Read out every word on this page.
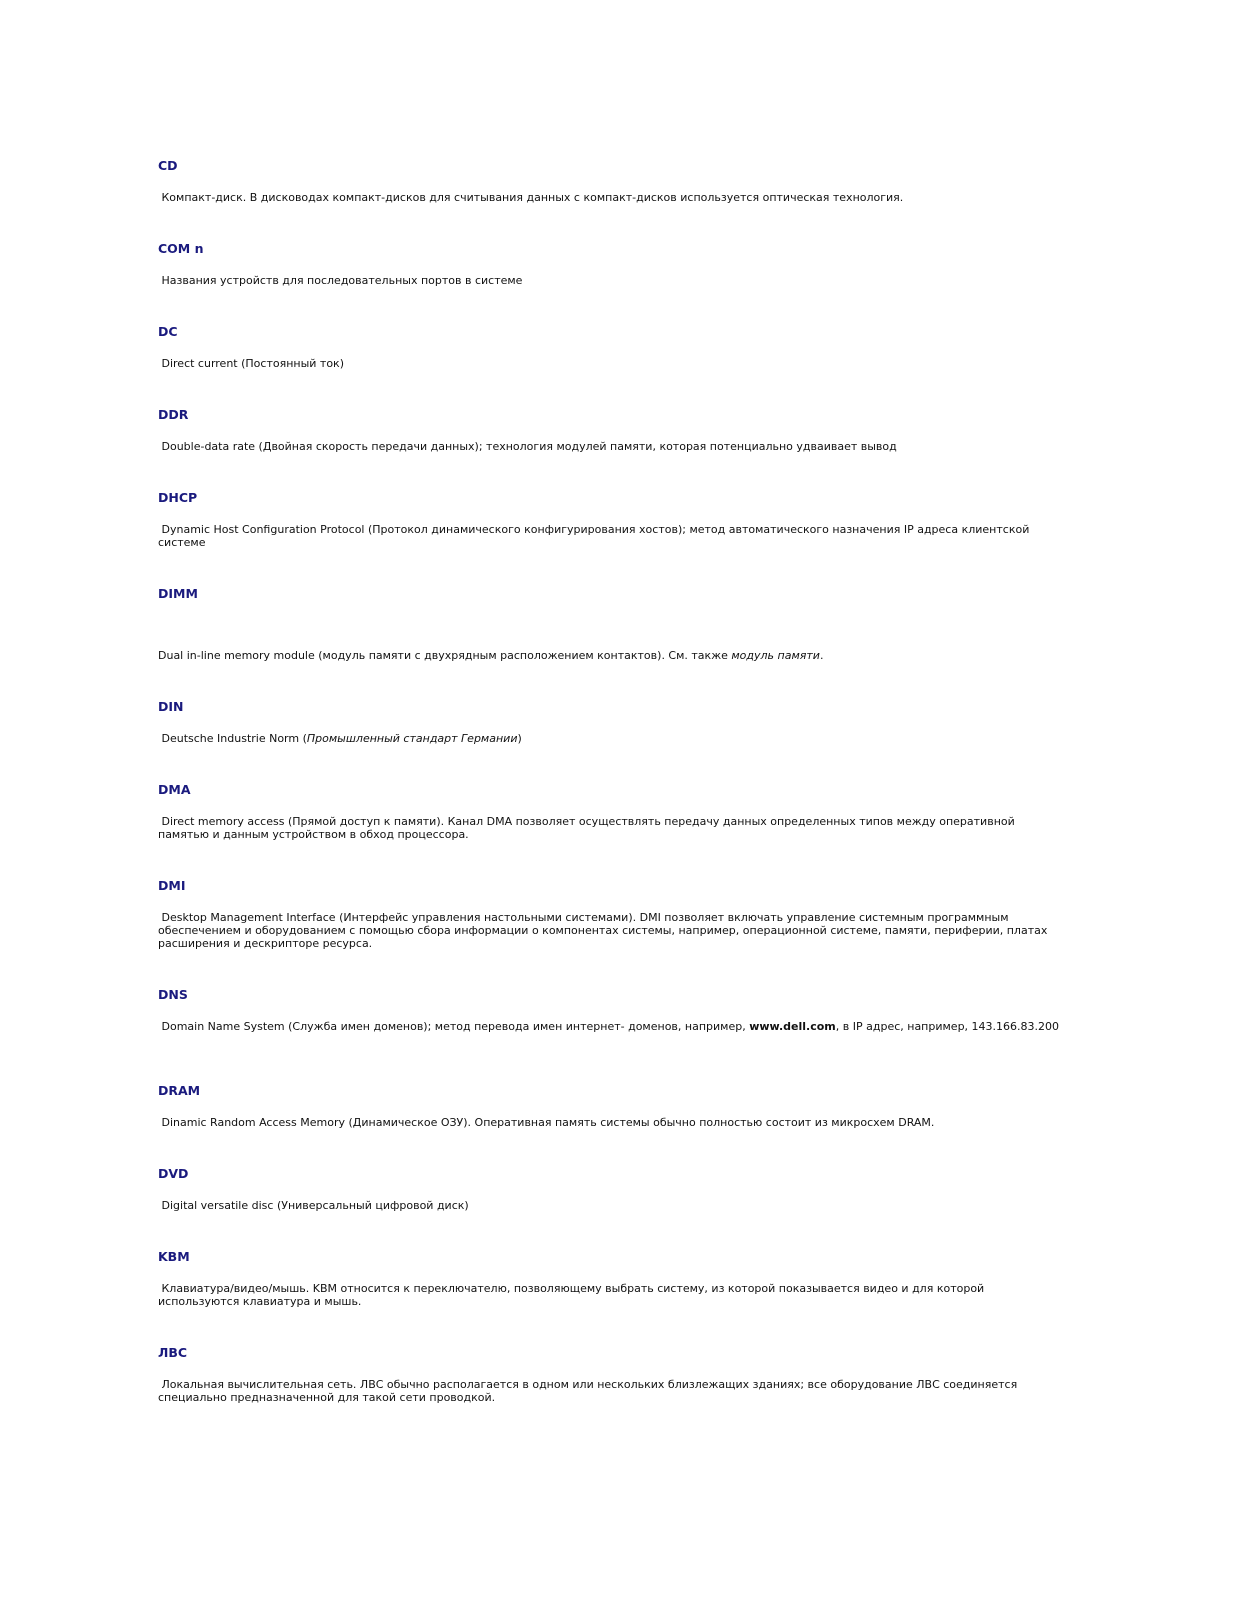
CD

Компакт-диск. В дисководах компакт-дисков для считывания данных с компакт-дисков используется оптическая технология.

COM n

Названия устройств для последовательных портов в системе

DC

Direct current (Постоянный ток)

DDR

Double-data rate (Двойная скорость передачи данных); технология модулей памяти, которая потенциально удваивает вывод

DHCP

Dynamic Host Configuration Protocol (Протокол динамического конфигурирования хостов); метод автоматического назначения IP адреса клиентской системе

DIMM

Dual in-line memory module (модуль памяти с двухрядным расположением контактов). См. также модуль памяти.

DIN

Deutsche Industrie Norm (Промышленный стандарт Германии)

DMA

Direct memory access (Прямой доступ к памяти). Канал DMA позволяет осуществлять передачу данных определенных типов между оперативной памятью и данным устройством в обход процессора.

DMI

Desktop Management Interface (Интерфейс управления настольными системами). DMI позволяет включать управление системным программным обеспечением и оборудованием с помощью сбора информации о компонентах системы, например, операционной системе, памяти, периферии, платах расширения и дескрипторе ресурса.

DNS

Domain Name System (Служба имен доменов); метод перевода имен интернет- доменов, например, www.dell.com, в IP адрес, например, 143.166.83.200

DRAM

Dinamic Random Access Memory (Динамическое ОЗУ). Оперативная память системы обычно полностью состоит из микросхем DRAM.

DVD

Digital versatile disc (Универсальный цифровой диск)

KBM

Клавиатура/видео/мышь. KBM относится к переключателю, позволяющему выбрать систему, из которой показывается видео и для которой используются клавиатура и мышь.

ЛВС

Локальная вычислительная сеть. ЛВС обычно располагается в одном или нескольких близлежащих зданиях; все оборудование ЛВС соединяется специально предназначенной для такой сети проводкой.
